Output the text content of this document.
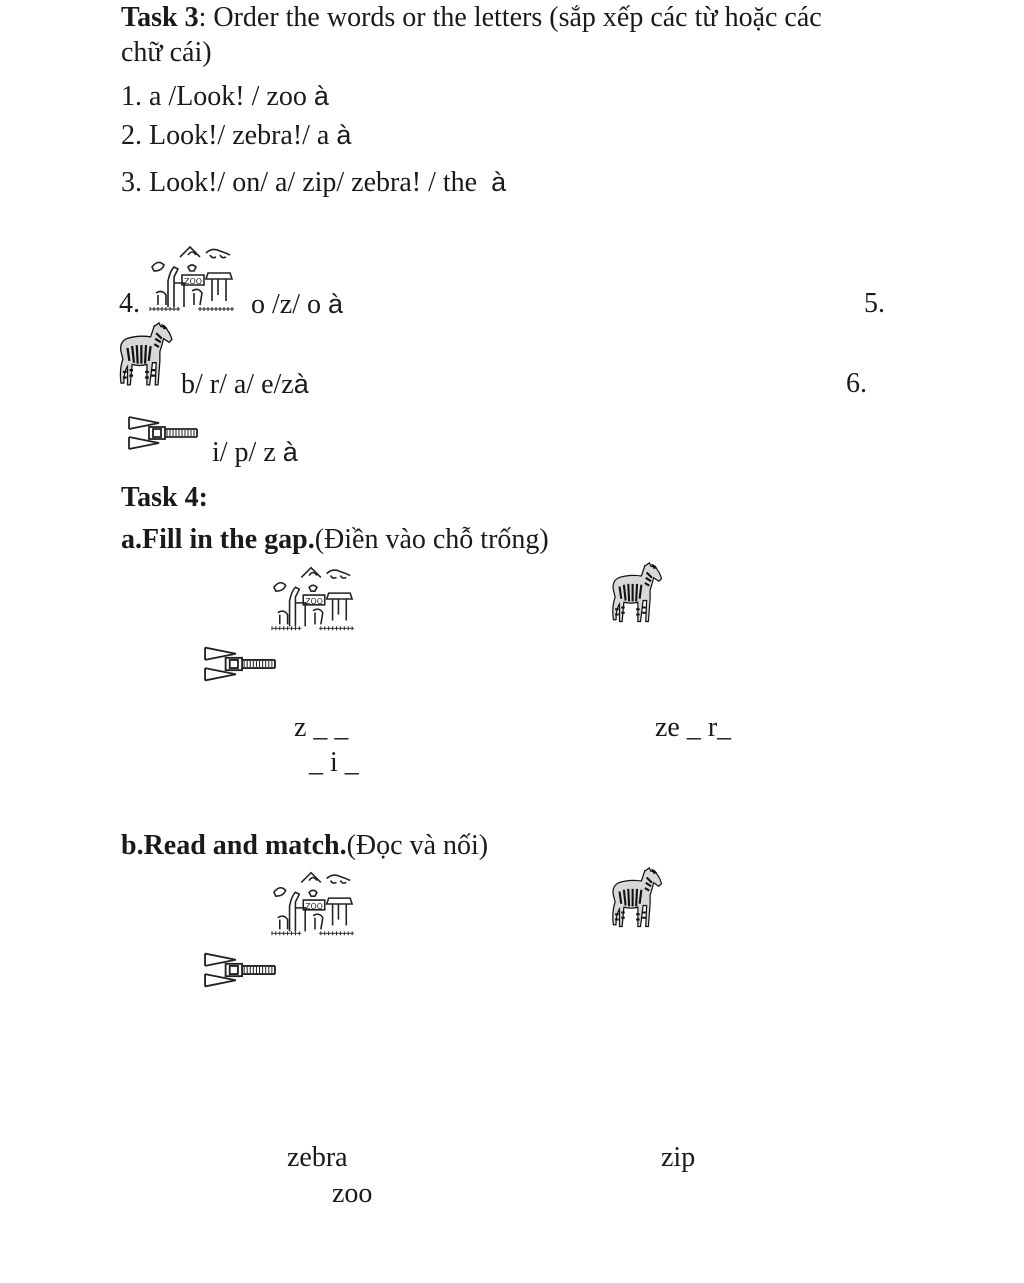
Task 3: Order the words or the letters (sắp xếp các từ hoặc các
chữ cái)
1. a /Look! / zoo à
2. Look!/ zebra!/ a à
3. Look!/ on/ a/ zip/ zebra! / the à
4.	o /z/ o à	5.
b/ r/ a/ e/zà	6.
i/ p/ z à
Task 4:
a.Fill in the gap.(Điền vào chỗ trống)
z _ _	ze _ r_
_ i _
b.Read and match.(Đọc và nối)
zebra	zip
zoo
